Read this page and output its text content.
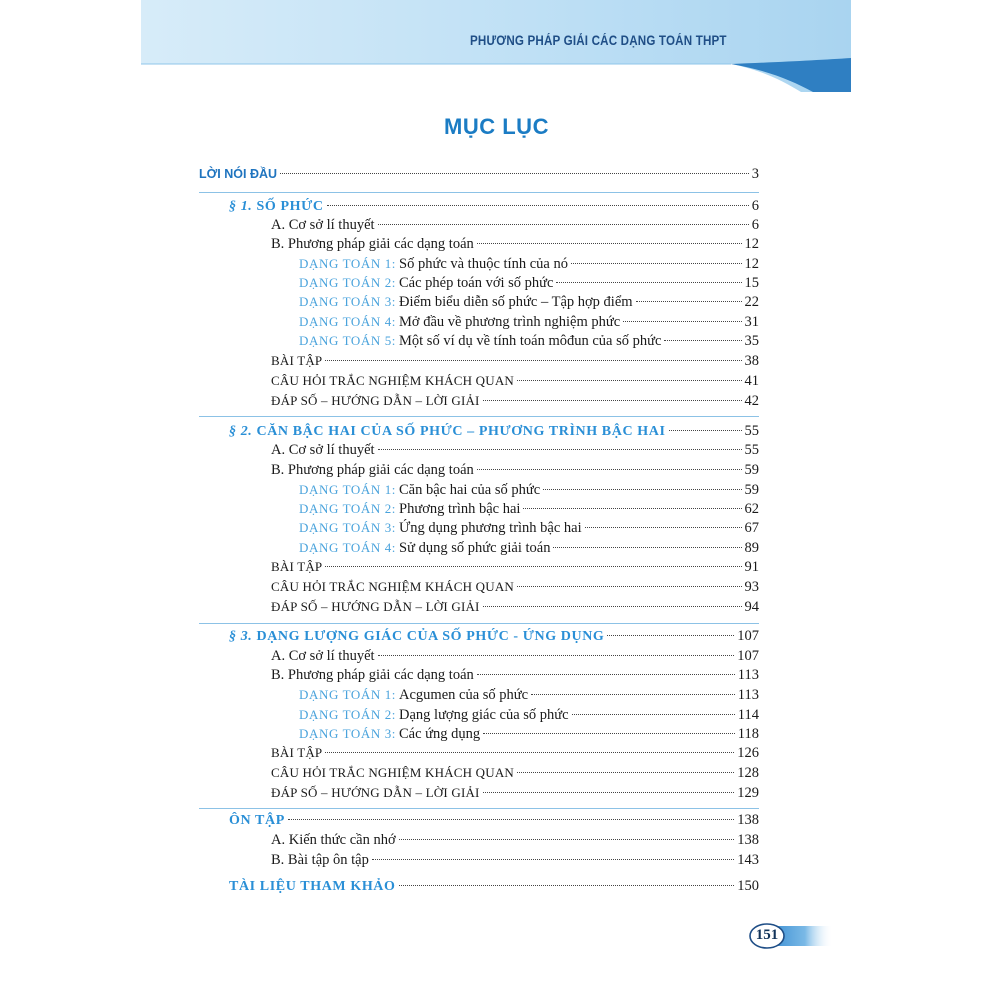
PHƯƠNG PHÁP GIẢI CÁC DẠNG TOÁN THPT
MỤC LỤC
LỜI NÓI ĐẦU	3
§ 1. SỐ PHỨC	6
A. Cơ sở lí thuyết	6
B. Phương pháp giải các dạng toán	12
DẠNG TOÁN 1: Số phức và thuộc tính của nó	12
DẠNG TOÁN 2: Các phép toán với số phức	15
DẠNG TOÁN 3: Điểm biểu diễn số phức – Tập hợp điểm	22
DẠNG TOÁN 4: Mở đầu về phương trình nghiệm phức	31
DẠNG TOÁN 5: Một số ví dụ về tính toán môđun của số phức	35
BÀI TẬP	38
CÂU HỎI TRẮC NGHIỆM KHÁCH QUAN	41
ĐÁP SỐ – HƯỚNG DẪN – LỜI GIẢI	42
§ 2. CĂN BẬC HAI CỦA SỐ PHỨC – PHƯƠNG TRÌNH BẬC HAI	55
A. Cơ sở lí thuyết	55
B. Phương pháp giải các dạng toán	59
DẠNG TOÁN 1: Căn bậc hai của số phức	59
DẠNG TOÁN 2: Phương trình bậc hai	62
DẠNG TOÁN 3: Ứng dụng phương trình bậc hai	67
DẠNG TOÁN 4: Sử dụng số phức giải toán	89
BÀI TẬP	91
CÂU HỎI TRẮC NGHIỆM KHÁCH QUAN	93
ĐÁP SỐ – HƯỚNG DẪN – LỜI GIẢI	94
§ 3. DẠNG LƯỢNG GIÁC CỦA SỐ PHỨC - ỨNG DỤNG	107
A. Cơ sở lí thuyết	107
B. Phương pháp giải các dạng toán	113
DẠNG TOÁN 1: Acgumen của số phức	113
DẠNG TOÁN 2: Dạng lượng giác của số phức	114
DẠNG TOÁN 3: Các ứng dụng	118
BÀI TẬP	126
CÂU HỎI TRẮC NGHIỆM KHÁCH QUAN	128
ĐÁP SỐ – HƯỚNG DẪN – LỜI GIẢI	129
ÔN TẬP	138
A. Kiến thức cần nhớ	138
B. Bài tập ôn tập	143
TÀI LIỆU THAM KHẢO	150
151
